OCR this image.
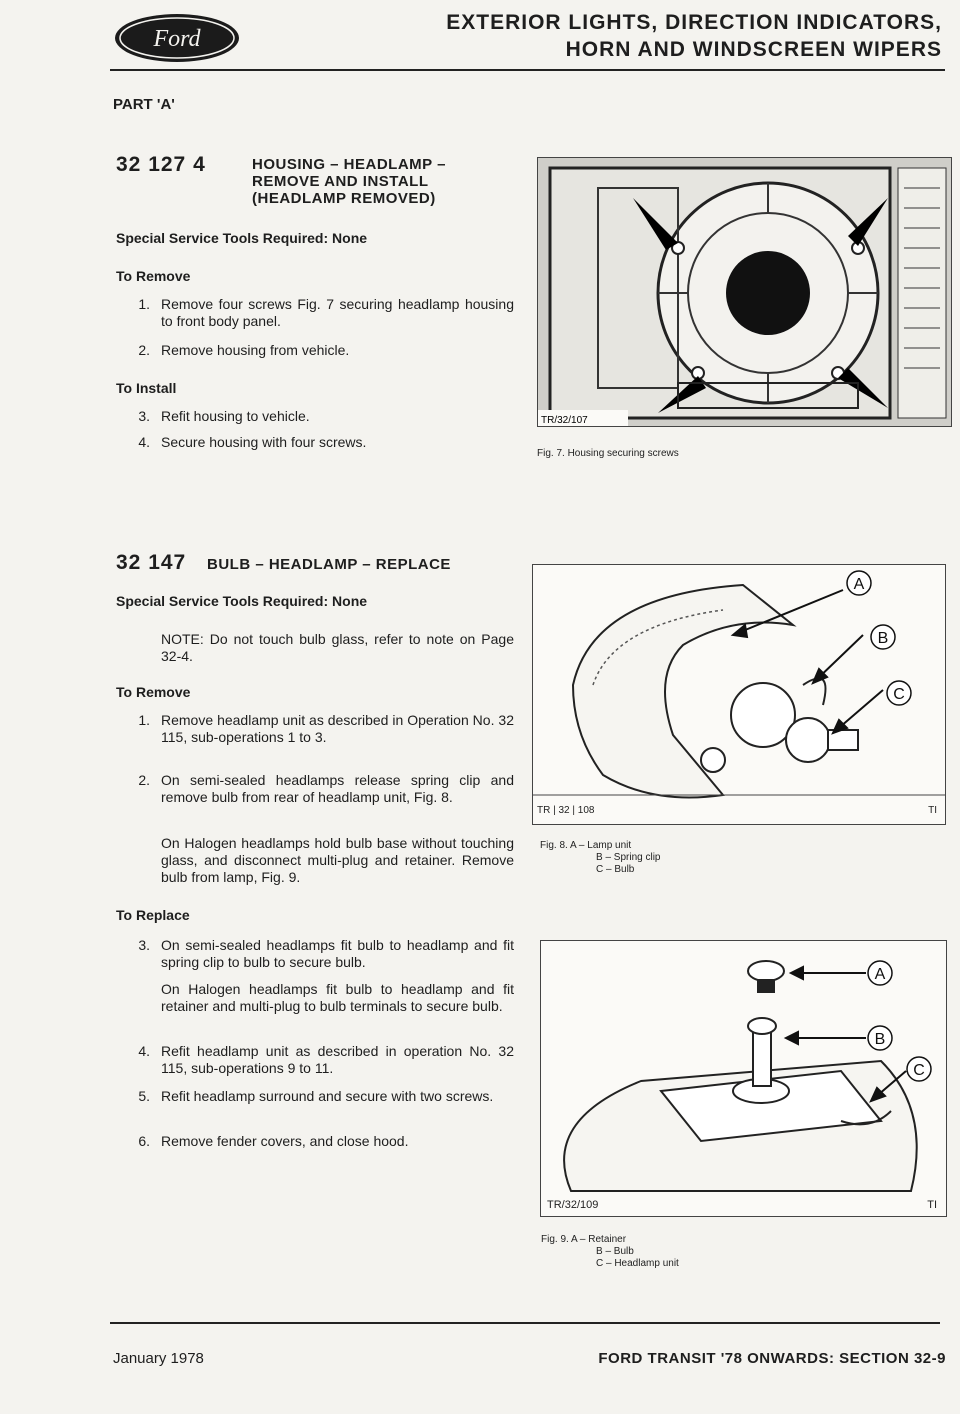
Ford
EXTERIOR LIGHTS, DIRECTION INDICATORS,
HORN AND WINDSCREEN WIPERS
PART 'A'
32 127 4	HOUSING – HEADLAMP –
REMOVE AND INSTALL
(HEADLAMP REMOVED)
Special Service Tools Required: None
To Remove
1. Remove four screws Fig. 7 securing headlamp housing to front body panel.
2. Remove housing from vehicle.
To Install
3. Refit housing to vehicle.
4. Secure housing with four screws.
TR/32/107
Fig. 7. Housing securing screws
32 147 BULB – HEADLAMP – REPLACE
Special Service Tools Required: None
NOTE: Do not touch bulb glass, refer to note on Page 32-4.
To Remove
1. Remove headlamp unit as described in Operation No. 32 115, sub-operations 1 to 3.
2. On semi-sealed headlamps release spring clip and remove bulb from rear of headlamp unit, Fig. 8.
On Halogen headlamps hold bulb base without touching glass, and disconnect multi-plug and retainer. Remove bulb from lamp, Fig. 9.
To Replace
3. On semi-sealed headlamps fit bulb to headlamp and fit spring clip to bulb to secure bulb.
On Halogen headlamps fit bulb to headlamp and fit retainer and multi-plug to bulb terminals to secure bulb.
4. Refit headlamp unit as described in operation No. 32 115, sub-operations 9 to 11.
5. Refit headlamp surround and secure with two screws.
6. Remove fender covers, and close hood.
A
B
C
TR | 32 | 108	TI
Fig. 8. A – Lamp unit
B – Spring clip
C – Bulb
A
B
C
TR/32/109	TI
Fig. 9. A – Retainer
B – Bulb
C – Headlamp unit
January 1978	FORD TRANSIT '78 ONWARDS: SECTION 32-9
